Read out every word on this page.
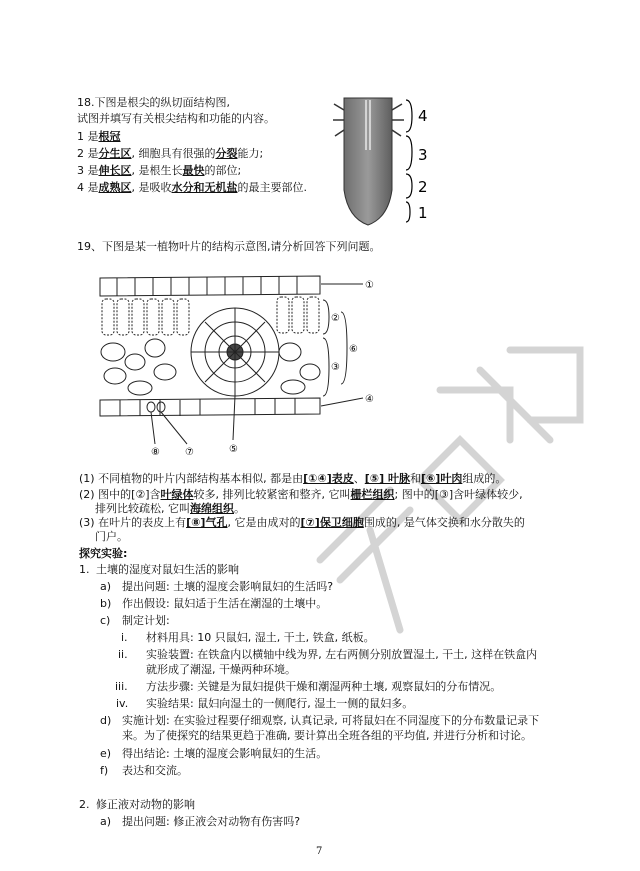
18.下图是根尖的纵切面结构图,
试图并填写有关根尖结构和功能的内容。
1 是根冠
2 是分生区, 细胞具有很强的分裂能力;
3 是伸长区, 是根生长最快的部位;
4 是成熟区, 是吸收水分和无机盐的最主要部位.
4
3
2
1
19、下图是某一植物叶片的结构示意图,请分析回答下列问题。
①
②
⑥
③
④
⑧	⑦	⑤
(1) 不同植物的叶片内部结构基本相似, 都是由[①④]表皮、[⑤] 叶脉和[⑥]叶肉组成的。
(2) 图中的[②]含叶绿体较多, 排列比较紧密和整齐, 它叫栅栏组织; 图中的[③]含叶绿体较少,
排列比较疏松, 它叫海绵组织。
(3) 在叶片的表皮上有[⑧]气孔, 它是由成对的[⑦]保卫细胞围成的, 是气体交换和水分散失的
门户。
探究实验:
1. 土壤的湿度对鼠妇生活的影响
a) 提出问题: 土壤的湿度会影响鼠妇的生活吗?
b) 作出假设: 鼠妇适于生活在潮湿的土壤中。
c) 制定计划:
i. 材料用具: 10 只鼠妇, 湿土, 干土, 铁盒, 纸板。
ii. 实验装置: 在铁盒内以横轴中线为界, 左右两侧分别放置湿土, 干土, 这样在铁盒内
就形成了潮湿, 干燥两种环境。
iii. 方法步骤: 关键是为鼠妇提供干燥和潮湿两种土壤, 观察鼠妇的分布情况。
iv. 实验结果: 鼠妇向湿土的一侧爬行, 湿土一侧的鼠妇多。
d) 实施计划: 在实验过程要仔细观察, 认真记录, 可将鼠妇在不同湿度下的分布数量记录下
来。为了使探究的结果更趋于准确, 要计算出全班各组的平均值, 并进行分析和讨论。
e) 得出结论: 土壤的湿度会影响鼠妇的生活。
f) 表达和交流。
2. 修正液对动物的影响
a) 提出问题: 修正液会对动物有伤害吗?
7
